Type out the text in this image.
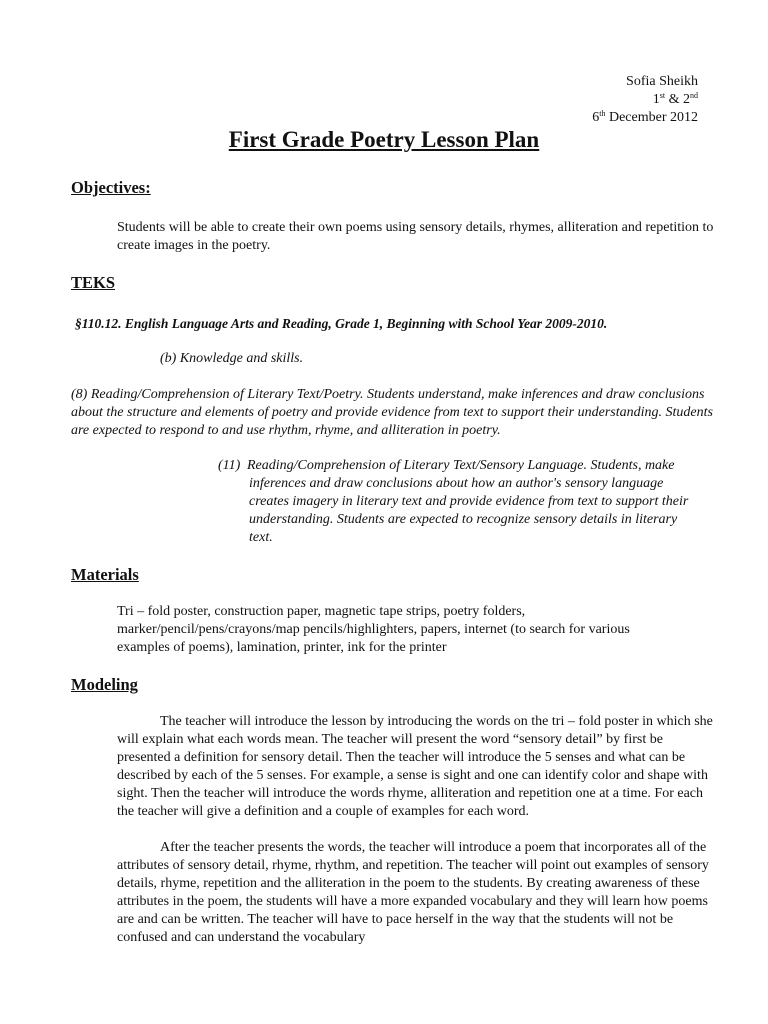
Sofia Sheikh
1st & 2nd
6th December 2012
First Grade Poetry Lesson Plan
Objectives:

Students will be able to create their own poems using sensory details, rhymes, alliteration and repetition to create images in the poetry.

TEKS

§110.12. English Language Arts and Reading, Grade 1, Beginning with School Year 2009-2010.

(b) Knowledge and skills.

(8) Reading/Comprehension of Literary Text/Poetry. Students understand, make inferences and draw conclusions about the structure and elements of poetry and provide evidence from text to support their understanding. Students are expected to respond to and use rhythm, rhyme, and alliteration in poetry.

(11) Reading/Comprehension of Literary Text/Sensory Language. Students, make inferences and draw conclusions about how an author's sensory language creates imagery in literary text and provide evidence from text to support their understanding. Students are expected to recognize sensory details in literary text.

Materials

Tri – fold poster, construction paper, magnetic tape strips, poetry folders, marker/pencil/pens/crayons/map pencils/highlighters, papers, internet (to search for various examples of poems), lamination, printer, ink for the printer

Modeling

The teacher will introduce the lesson by introducing the words on the tri – fold poster in which she will explain what each words mean. The teacher will present the word “sensory detail” by first be presented a definition for sensory detail. Then the teacher will introduce the 5 senses and what can be described by each of the 5 senses. For example, a sense is sight and one can identify color and shape with sight. Then the teacher will introduce the words rhyme, alliteration and repetition one at a time. For each the teacher will give a definition and a couple of examples for each word.

After the teacher presents the words, the teacher will introduce a poem that incorporates all of the attributes of sensory detail, rhyme, rhythm, and repetition. The teacher will point out examples of sensory details, rhyme, repetition and the alliteration in the poem to the students. By creating awareness of these attributes in the poem, the students will have a more expanded vocabulary and they will learn how poems are and can be written. The teacher will have to pace herself in the way that the students will not be confused and can understand the vocabulary
